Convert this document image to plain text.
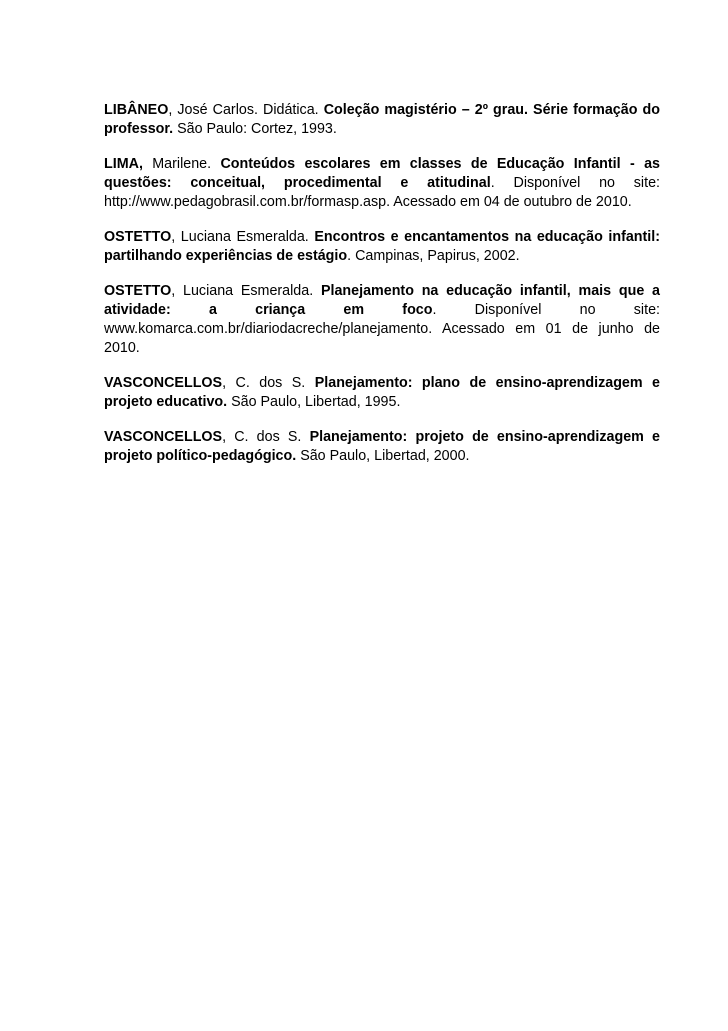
LIBÂNEO, José Carlos. Didática. Coleção magistério – 2º grau. Série formação do professor. São Paulo: Cortez, 1993.

LIMA, Marilene. Conteúdos escolares em classes de Educação Infantil - as questões: conceitual, procedimental e atitudinal. Disponível no site: http://www.pedagobrasil.com.br/formasp.asp. Acessado em 04 de outubro de 2010.

OSTETTO, Luciana Esmeralda. Encontros e encantamentos na educação infantil: partilhando experiências de estágio. Campinas, Papirus, 2002.

OSTETTO, Luciana Esmeralda. Planejamento na educação infantil, mais que a atividade: a criança em foco. Disponível no site: www.komarca.com.br/diariodacreche/planejamento. Acessado em 01 de junho de 2010.

VASCONCELLOS, C. dos S. Planejamento: plano de ensino-aprendizagem e projeto educativo. São Paulo, Libertad, 1995.

VASCONCELLOS, C. dos S. Planejamento: projeto de ensino-aprendizagem e projeto político-pedagógico. São Paulo, Libertad, 2000.
